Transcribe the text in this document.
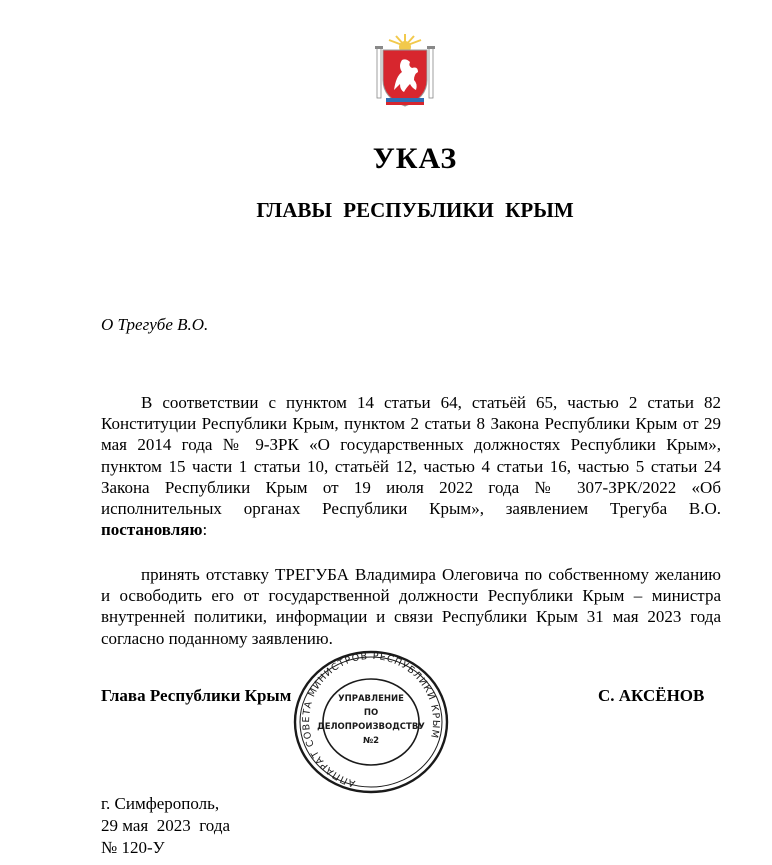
УКАЗ
ГЛАВЫ РЕСПУБЛИКИ КРЫМ
О Трегубе В.О.

В соответствии с пунктом 14 статьи 64, статьёй 65, частью 2 статьи 82 Конституции Республики Крым, пунктом 2 статьи 8 Закона Республики Крым от 29 мая 2014 года № 9-ЗРК «О государственных должностях Республики Крым», пунктом 15 части 1 статьи 10, статьёй 12, частью 4 статьи 16, частью 5 статьи 24 Закона Республики Крым от 19 июля 2022 года № 307-ЗРК/2022 «Об исполнительных органах Республики Крым», заявлением Трегуба В.О. постановляю:

принять отставку ТРЕГУБА Владимира Олеговича по собственному желанию и освободить его от государственной должности Республики Крым – министра внутренней политики, информации и связи Республики Крым 31 мая 2023 года согласно поданному заявлению.

Глава Республики Крым	С. АКСЁНОВ
АППАРАТ СОВЕТА МИНИСТРОВ РЕСПУБЛИКИ КРЫМ
УПРАВЛЕНИЕ
ПО
ДЕЛОПРОИЗВОДСТВУ
№2
г. Симферополь,
29 мая  2023  года
№ 120-У
